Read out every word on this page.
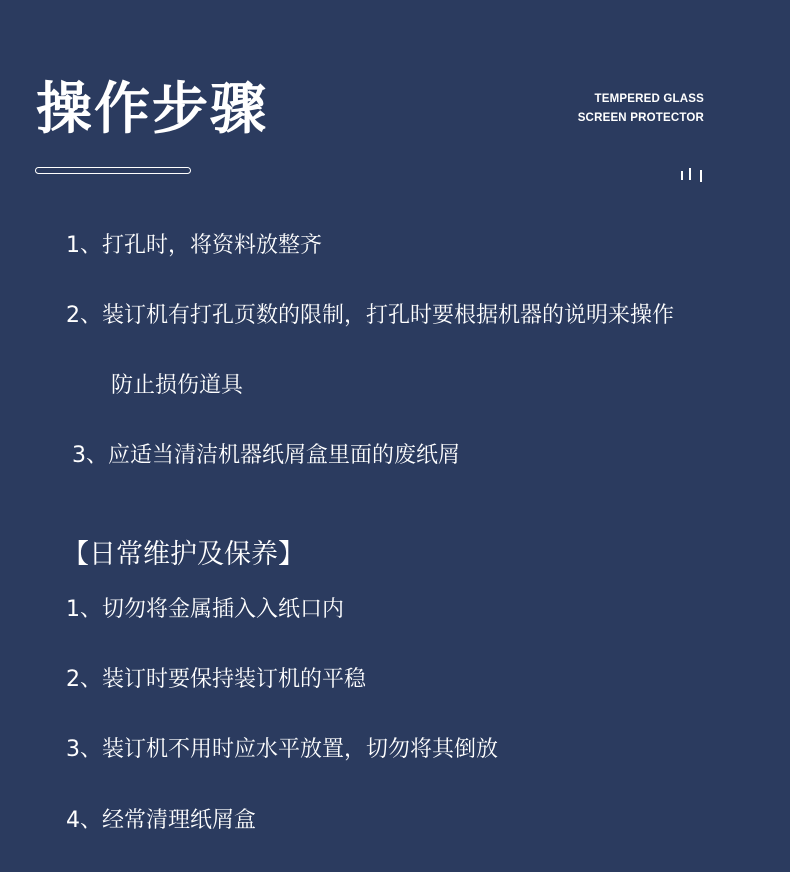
操作步骤	TEMPERED GLASS
SCREEN PROTECTOR
1、打孔时，将资料放整齐
2、装订机有打孔页数的限制，打孔时要根据机器的说明来操作
防止损伤道具
3、应适当清洁机器纸屑盒里面的废纸屑
【日常维护及保养】
1、切勿将金属插入入纸口内
2、装订时要保持装订机的平稳
3、装订机不用时应水平放置，切勿将其倒放
4、经常清理纸屑盒
